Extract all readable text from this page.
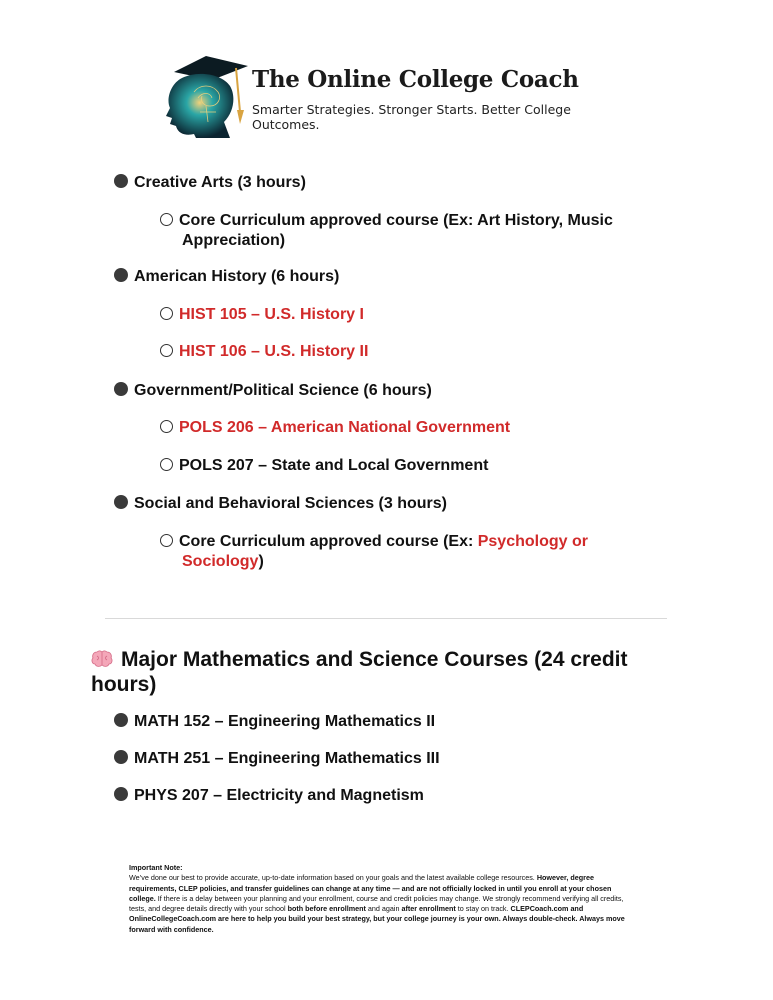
The Online College Coach
Smarter Strategies. Stronger Starts. Better College Outcomes.
Creative Arts (3 hours)
Core Curriculum approved course (Ex: Art History, Music
Appreciation)
American History (6 hours)
HIST 105 – U.S. History I
HIST 106 – U.S. History II
Government/Political Science (6 hours)
POLS 206 – American National Government
POLS 207 – State and Local Government
Social and Behavioral Sciences (3 hours)
Core Curriculum approved course (Ex: Psychology or
Sociology)
Major Mathematics and Science Courses (24 credit hours)
MATH 152 – Engineering Mathematics II
MATH 251 – Engineering Mathematics III
PHYS 207 – Electricity and Magnetism
Important Note:
We’ve done our best to provide accurate, up-to-date information based on your goals and the latest available college resources. However, degree requirements, CLEP policies, and transfer guidelines can change at any time — and are not officially locked in until you enroll at your chosen college. If there is a delay between your planning and your enrollment, course and credit policies may change. We strongly recommend verifying all credits, tests, and degree details directly with your school both before enrollment and again after enrollment to stay on track. CLEPCoach.com and OnlineCollegeCoach.com are here to help you build your best strategy, but your college journey is your own. Always double-check. Always move forward with confidence.
